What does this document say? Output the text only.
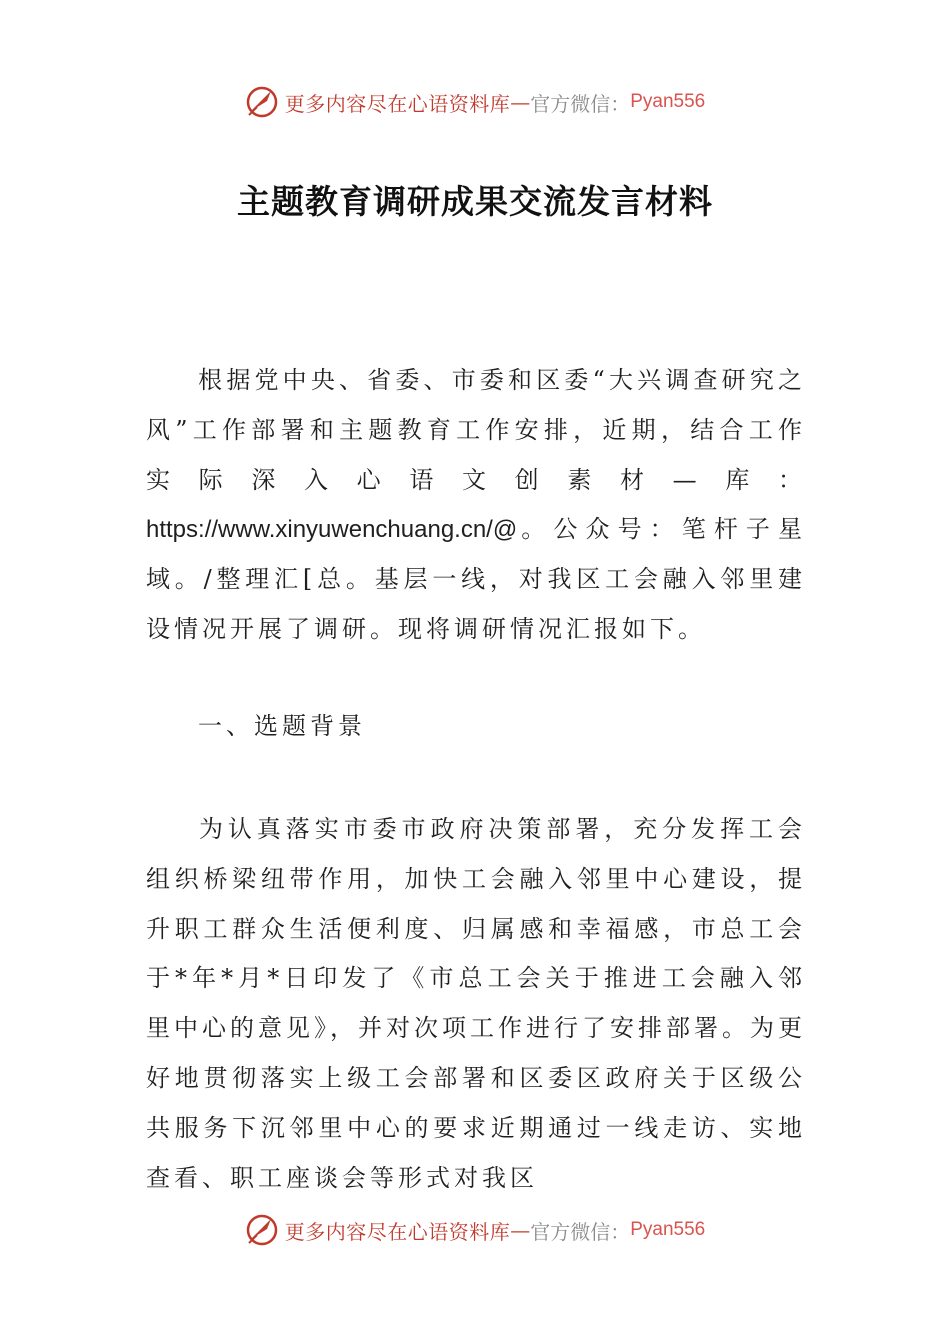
更多内容尽在心语资料库 — 官方微信： Pyan556
主题教育调研成果交流发言材料

根据党中央、省委、市委和区委“大兴调查研究之风”工作部署和主题教育工作安排，近期，结合工作实际深入心语文创素材—库：https://www.xinyuwenchuang.cn/@。公众号：笔杆子星域。/整理汇[总。基层一线，对我区工会融入邻里建设情况开展了调研。现将调研情况汇报如下。

一、选题背景

为认真落实市委市政府决策部署，充分发挥工会组织桥梁纽带作用，加快工会融入邻里中心建设，提升职工群众生活便利度、归属感和幸福感，市总工会于*年*月*日印发了《市总工会关于推进工会融入邻里中心的意见》，并对次项工作进行了安排部署。为更好地贯彻落实上级工会部署和区委区政府关于区级公共服务下沉邻里中心的要求近期通过一线走访、实地查看、职工座谈会等形式对我区

更多内容尽在心语资料库 — 官方微信： Pyan556
